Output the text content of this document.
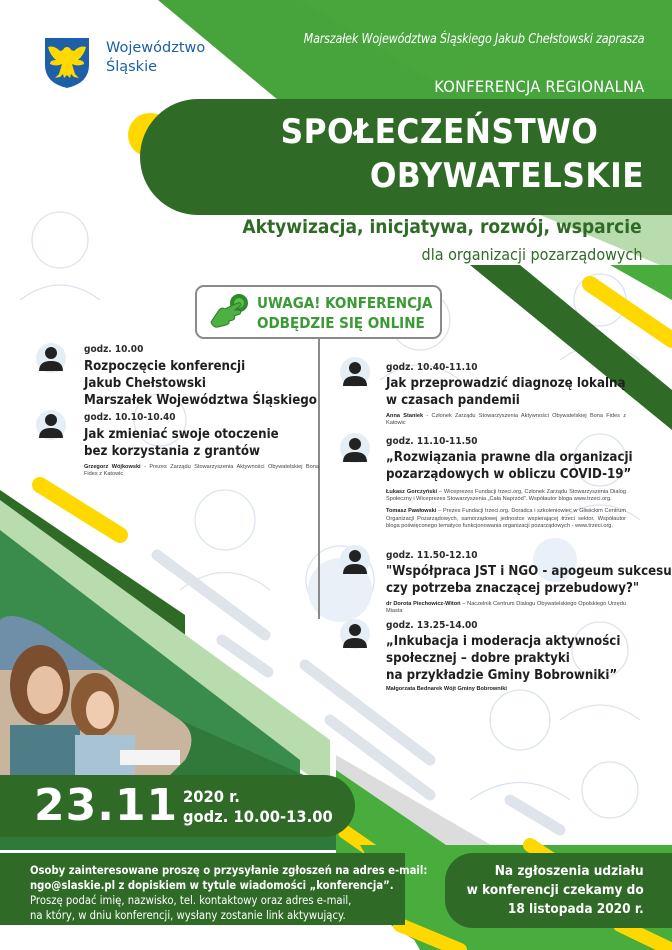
Województwo
Śląskie
Marszałek Województwa Śląskiego Jakub Chełstowski zaprasza
KONFERENCJA REGIONALNA
SPOŁECZEŃSTWO
OBYWATELSKIE
Aktywizacja, inicjatywa, rozwój, wsparcie
dla organizacji pozarządowych
UWAGA! KONFERENCJA
ODBĘDZIE SIĘ ONLINE
godz. 10.00
Rozpoczęcie konferencji
Jakub Chełstowski
Marszałek Województwa Śląskiego
godz. 10.10-10.40
Jak zmieniać swoje otoczenie
bez korzystania z grantów
Grzegorz Wójkowski - Prezes Zarządu Stowarzyszenia Aktywności Obywatelskiej Bona Fides z Katowic
godz. 10.40-11.10
Jak przeprowadzić diagnozę lokalną
w czasach pandemii
Anna Staniek - Członek Zarządu Stowarzyszenia Aktywności Obywatelskiej Bona Fides z Katowic
godz. 11.10-11.50
„Rozwiązania prawne dla organizacji
pozarządowych w obliczu COVID-19”
Łukasz Gorczyński – Wiceprezes Fundacji trzeci.org, Członek Zarządu Stowarzyszenia Dialog Społeczny i Wiceprezes Stowarzyszenia „Cała Naprzód”. Współautor bloga www.trzeci.org.
Tomasz Pawłowski – Prezes Fundacji trzeci.org. Doradca i szkoleniowiec w Gliwickim Centrum Organizacji Pozarządowych, samorządowej jednostce wspierającej trzeci sektor. Współautor bloga poświęconego tematyce funkcjonowania organizacji pozarządowych - www.trzeci.org.
godz. 11.50-12.10
"Współpraca JST i NGO - apogeum sukcesu
czy potrzeba znaczącej przebudowy?"
dr Dorota Piechowicz-Witoń – Naczelnik Centrum Dialogu Obywatelskiego Opolskiego Urzędu Miasta
godz. 13.25-14.00
„Inkubacja i moderacja aktywności
społecznej – dobre praktyki
na przykładzie Gminy Bobrowniki”
Małgorzata Bednarek Wójt Gminy Bobrowniki
23.11 2020 r.
godz. 10.00-13.00
Osoby zainteresowane proszę o przysyłanie zgłoszeń na adres e-mail:
ngo@slaskie.pl z dopiskiem w tytule wiadomości „konferencja”.
Proszę podać imię, nazwisko, tel. kontaktowy oraz adres e-mail,
na który, w dniu konferencji, wysłany zostanie link aktywujący.
Na zgłoszenia udziału
w konferencji czekamy do
18 listopada 2020 r.
